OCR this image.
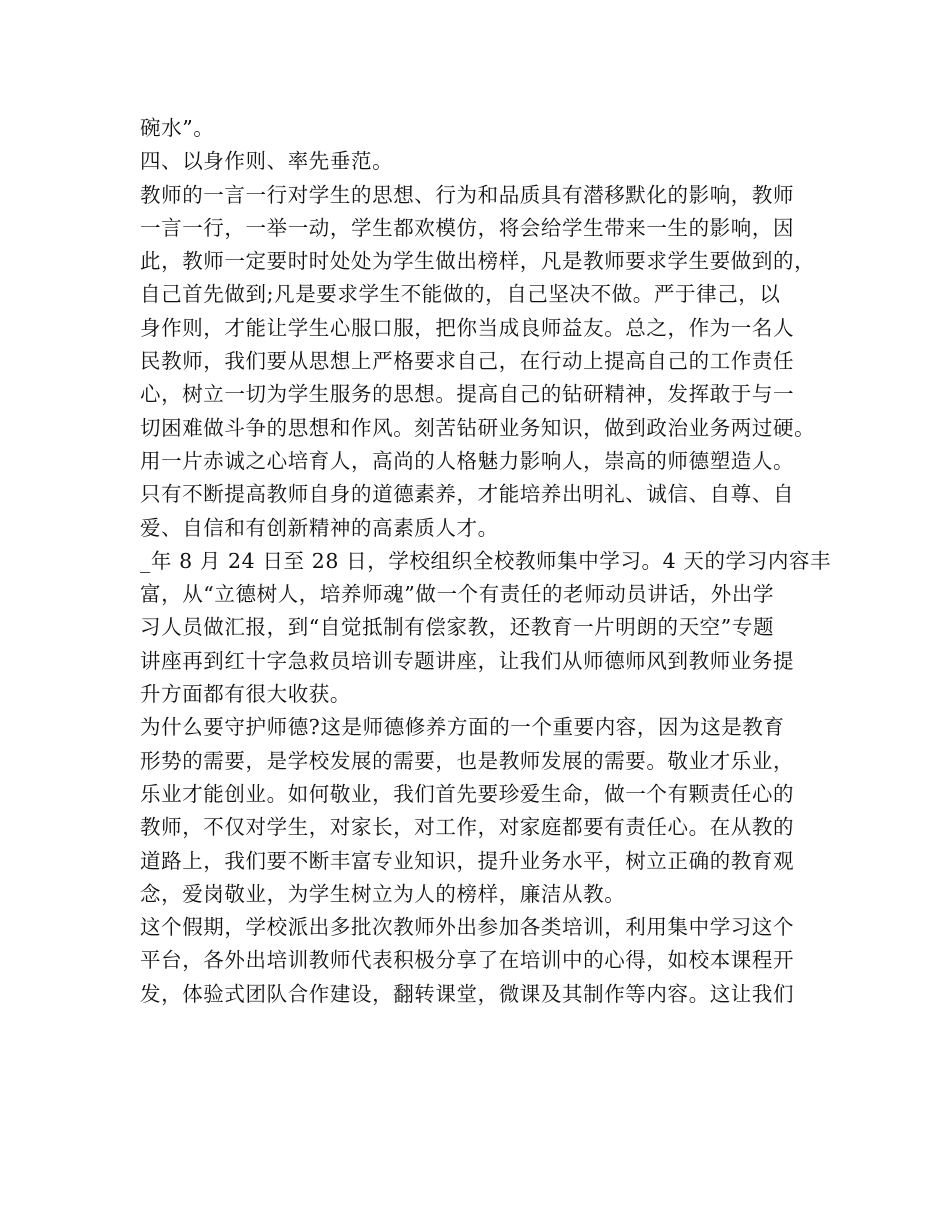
碗水”。
四、以身作则、率先垂范。
教师的一言一行对学生的思想、行为和品质具有潜移默化的影响，教师
一言一行，一举一动，学生都欢模仿，将会给学生带来一生的影响，因
此，教师一定要时时处处为学生做出榜样，凡是教师要求学生要做到的，
自己首先做到;凡是要求学生不能做的，自己坚决不做。严于律己，以
身作则，才能让学生心服口服，把你当成良师益友。总之，作为一名人
民教师，我们要从思想上严格要求自己，在行动上提高自己的工作责任
心，树立一切为学生服务的思想。提高自己的钻研精神，发挥敢于与一
切困难做斗争的思想和作风。刻苦钻研业务知识，做到政治业务两过硬。
用一片赤诚之心培育人，高尚的人格魅力影响人，崇高的师德塑造人。
只有不断提高教师自身的道德素养，才能培养出明礼、诚信、自尊、自
爱、自信和有创新精神的高素质人才。
_年 8 月 24 日至 28 日，学校组织全校教师集中学习。4 天的学习内容丰
富，从“立德树人，培养师魂”做一个有责任的老师动员讲话，外出学
习人员做汇报，到“自觉抵制有偿家教，还教育一片明朗的天空”专题
讲座再到红十字急救员培训专题讲座，让我们从师德师风到教师业务提
升方面都有很大收获。
为什么要守护师德?这是师德修养方面的一个重要内容，因为这是教育
形势的需要，是学校发展的需要，也是教师发展的需要。敬业才乐业，
乐业才能创业。如何敬业，我们首先要珍爱生命，做一个有颗责任心的
教师，不仅对学生，对家长，对工作，对家庭都要有责任心。在从教的
道路上，我们要不断丰富专业知识，提升业务水平，树立正确的教育观
念，爱岗敬业，为学生树立为人的榜样，廉洁从教。
这个假期，学校派出多批次教师外出参加各类培训，利用集中学习这个
平台，各外出培训教师代表积极分享了在培训中的心得，如校本课程开
发，体验式团队合作建设，翻转课堂，微课及其制作等内容。这让我们
